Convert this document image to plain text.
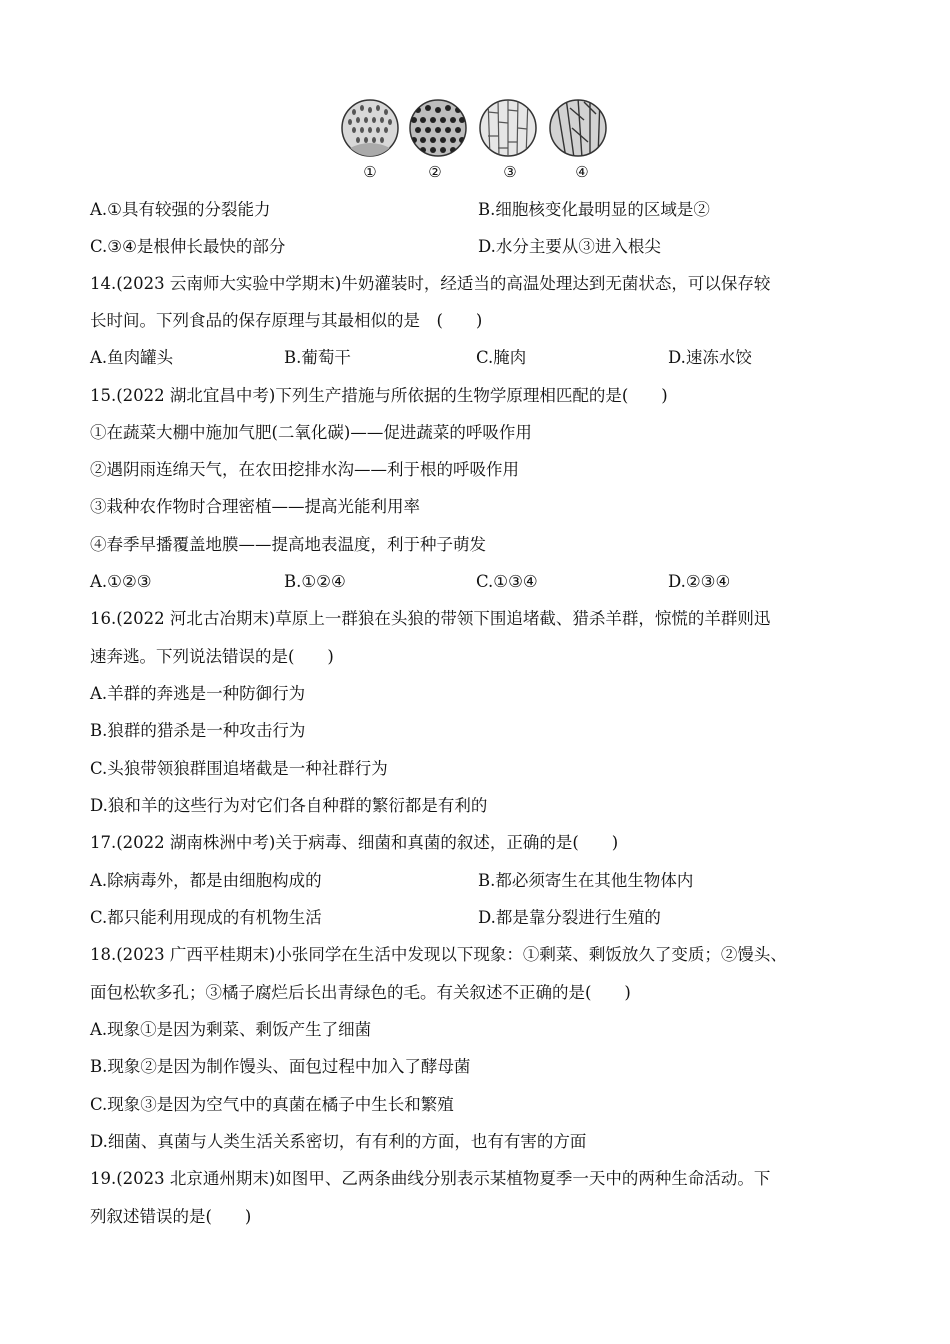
①	②	③	④
A.①具有较强的分裂能力	B.细胞核变化最明显的区域是②
C.③④是根伸长最快的部分	D.水分主要从③进入根尖
14.(2023 云南师大实验中学期末)牛奶灌装时，经适当的高温处理达到无菌状态，可以保存较
长时间。下列食品的保存原理与其最相似的是　(　　)
A.鱼肉罐头	B.葡萄干	C.腌肉	D.速冻水饺
15.(2022 湖北宜昌中考)下列生产措施与所依据的生物学原理相匹配的是(　　)
①在蔬菜大棚中施加气肥(二氧化碳)——促进蔬菜的呼吸作用
②遇阴雨连绵天气，在农田挖排水沟——利于根的呼吸作用
③栽种农作物时合理密植——提高光能利用率
④春季早播覆盖地膜——提高地表温度，利于种子萌发
A.①②③	B.①②④	C.①③④	D.②③④
16.(2022 河北古冶期末)草原上一群狼在头狼的带领下围追堵截、猎杀羊群，惊慌的羊群则迅
速奔逃。下列说法错误的是(　　)
A.羊群的奔逃是一种防御行为
B.狼群的猎杀是一种攻击行为
C.头狼带领狼群围追堵截是一种社群行为
D.狼和羊的这些行为对它们各自种群的繁衍都是有利的
17.(2022 湖南株洲中考)关于病毒、细菌和真菌的叙述，正确的是(　　)
A.除病毒外，都是由细胞构成的	B.都必须寄生在其他生物体内
C.都只能利用现成的有机物生活	D.都是靠分裂进行生殖的
18.(2023 广西平桂期末)小张同学在生活中发现以下现象：①剩菜、剩饭放久了变质；②馒头、
面包松软多孔；③橘子腐烂后长出青绿色的毛。有关叙述不正确的是(　　)
A.现象①是因为剩菜、剩饭产生了细菌
B.现象②是因为制作馒头、面包过程中加入了酵母菌
C.现象③是因为空气中的真菌在橘子中生长和繁殖
D.细菌、真菌与人类生活关系密切，有有利的方面，也有有害的方面
19.(2023 北京通州期末)如图甲、乙两条曲线分别表示某植物夏季一天中的两种生命活动。下
列叙述错误的是(　　)
